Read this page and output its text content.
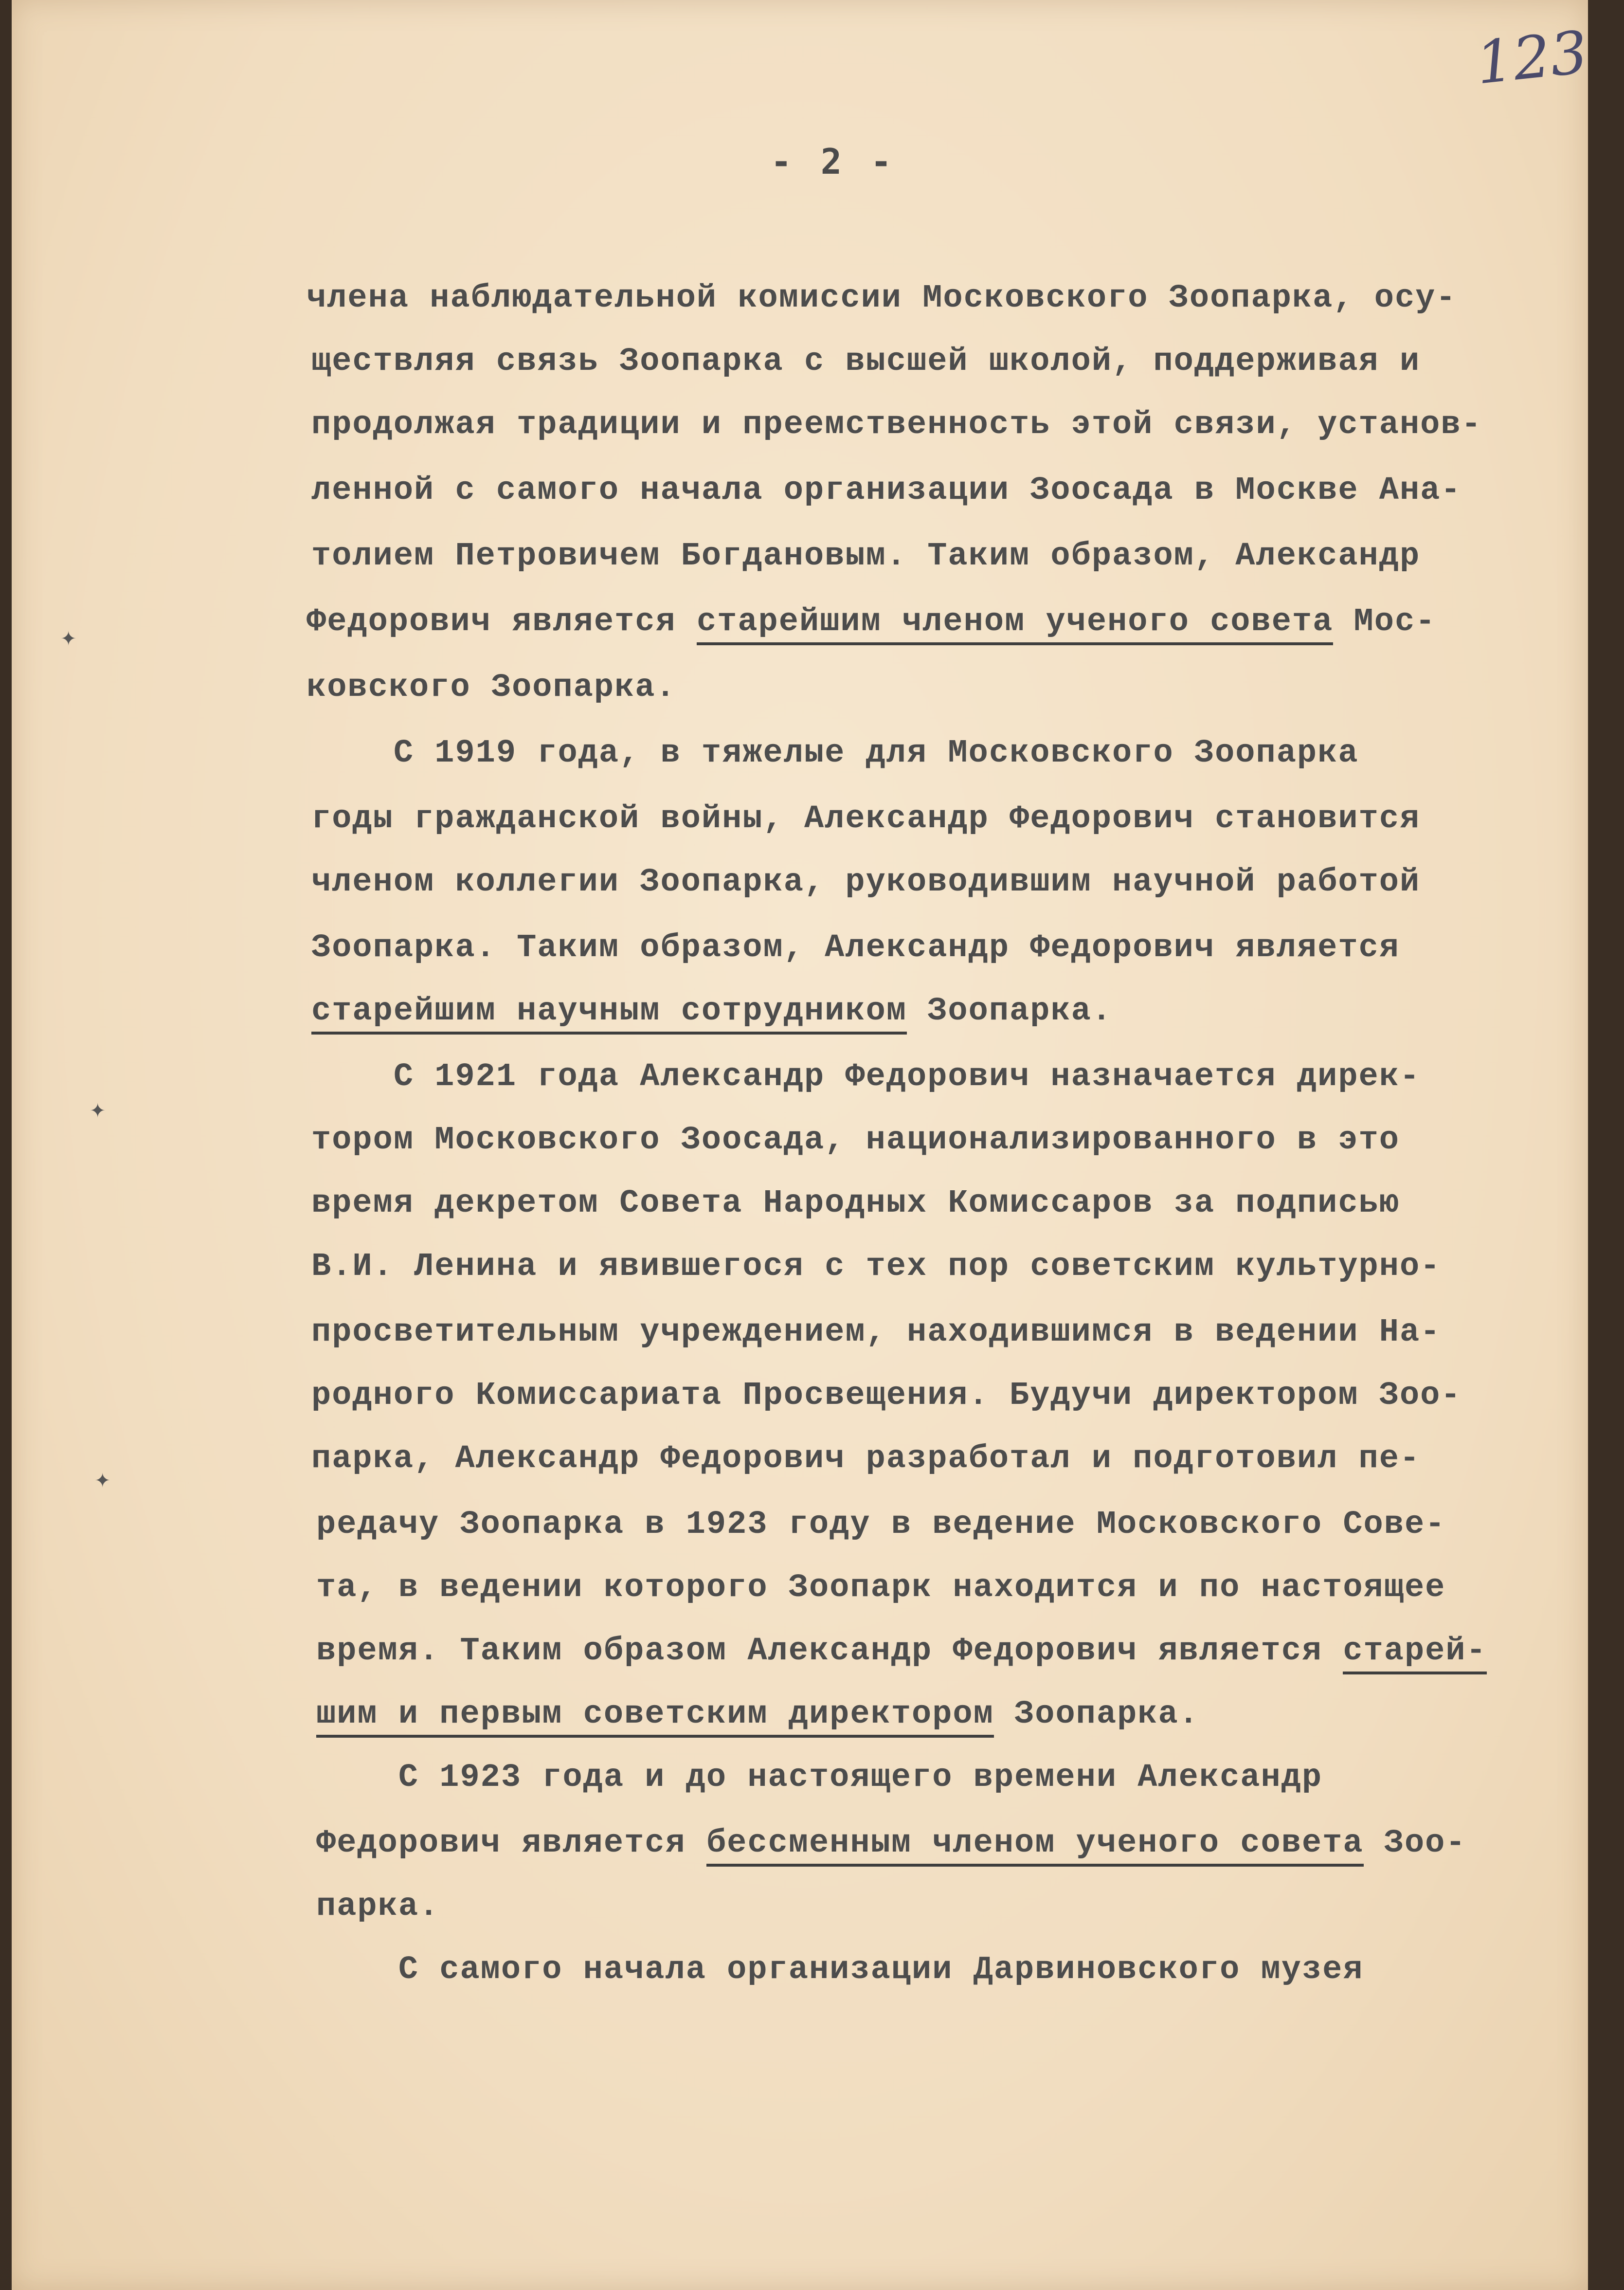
123
- 2 -
члена наблюдательной комиссии Московского Зоопарка, осу-
ществляя связь Зоопарка с высшей школой, поддерживая и
продолжая традиции и преемственность этой связи, установ-
ленной с самого начала организации Зоосада в Москве Ана-
толием Петровичем Богдановым. Таким образом, Александр
Федорович является старейшим членом ученого совета Мос-
ковского Зоопарка.
С 1919 года, в тяжелые для Московского Зоопарка
годы гражданской войны, Александр Федорович становится
членом коллегии Зоопарка, руководившим научной работой
Зоопарка. Таким образом, Александр Федорович является
старейшим научным сотрудником Зоопарка.
С 1921 года Александр Федорович назначается дирек-
тором Московского Зоосада, национализированного в это
время декретом Совета Народных Комиссаров за подписью
В.И. Ленина и явившегося с тех пор советским культурно-
просветительным учреждением, находившимся в ведении На-
родного Комиссариата Просвещения. Будучи директором Зоо-
парка, Александр Федорович разработал и подготовил пе-
редачу Зоопарка в 1923 году в ведение Московского Сове-
та, в ведении которого Зоопарк находится и по настоящее
время. Таким образом Александр Федорович является старей-
шим и первым советским директором Зоопарка.
С 1923 года и до настоящего времени Александр
Федорович является бессменным членом ученого совета Зоо-
парка.
С самого начала организации Дарвиновского музея
✦
✦
✦
